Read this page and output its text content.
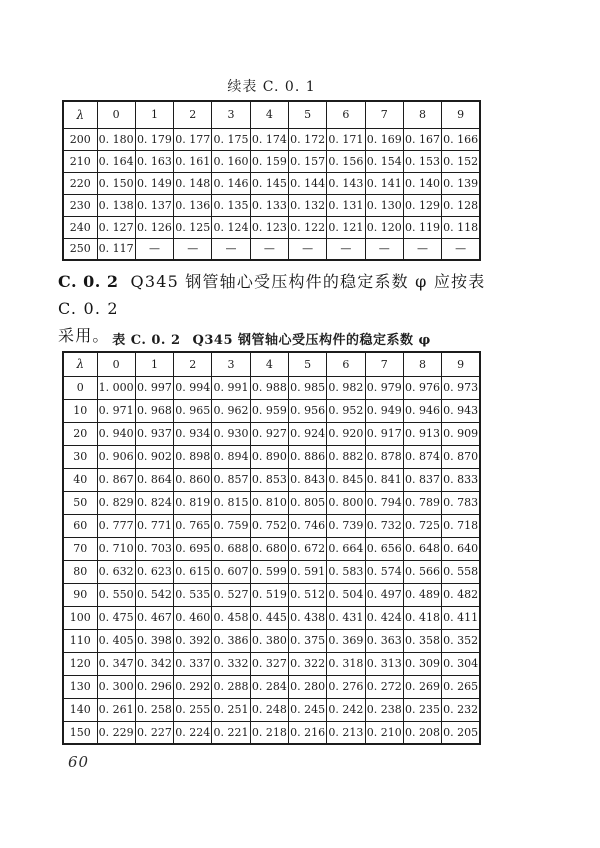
续表 C. 0. 1
λ	0	1	2	3	4	5	6	7	8	9
200	0. 180	0. 179	0. 177	0. 175	0. 174	0. 172	0. 171	0. 169	0. 167	0. 166
210	0. 164	0. 163	0. 161	0. 160	0. 159	0. 157	0. 156	0. 154	0. 153	0. 152
220	0. 150	0. 149	0. 148	0. 146	0. 145	0. 144	0. 143	0. 141	0. 140	0. 139
230	0. 138	0. 137	0. 136	0. 135	0. 133	0. 132	0. 131	0. 130	0. 129	0. 128
240	0. 127	0. 126	0. 125	0. 124	0. 123	0. 122	0. 121	0. 120	0. 119	0. 118
250	0. 117	—	—	—	—	—	—	—	—	—

C. 0. 2 Q345 钢管轴心受压构件的稳定系数 φ 应按表 C. 0. 2
采用。 表 C. 0. 2 Q345 钢管轴心受压构件的稳定系数 φ
λ	0	1	2	3	4	5	6	7	8	9
0	1. 000	0. 997	0. 994	0. 991	0. 988	0. 985	0. 982	0. 979	0. 976	0. 973
10	0. 971	0. 968	0. 965	0. 962	0. 959	0. 956	0. 952	0. 949	0. 946	0. 943
20	0. 940	0. 937	0. 934	0. 930	0. 927	0. 924	0. 920	0. 917	0. 913	0. 909
30	0. 906	0. 902	0. 898	0. 894	0. 890	0. 886	0. 882	0. 878	0. 874	0. 870
40	0. 867	0. 864	0. 860	0. 857	0. 853	0. 843	0. 845	0. 841	0. 837	0. 833
50	0. 829	0. 824	0. 819	0. 815	0. 810	0. 805	0. 800	0. 794	0. 789	0. 783
60	0. 777	0. 771	0. 765	0. 759	0. 752	0. 746	0. 739	0. 732	0. 725	0. 718
70	0. 710	0. 703	0. 695	0. 688	0. 680	0. 672	0. 664	0. 656	0. 648	0. 640
80	0. 632	0. 623	0. 615	0. 607	0. 599	0. 591	0. 583	0. 574	0. 566	0. 558
90	0. 550	0. 542	0. 535	0. 527	0. 519	0. 512	0. 504	0. 497	0. 489	0. 482
100	0. 475	0. 467	0. 460	0. 458	0. 445	0. 438	0. 431	0. 424	0. 418	0. 411
110	0. 405	0. 398	0. 392	0. 386	0. 380	0. 375	0. 369	0. 363	0. 358	0. 352
120	0. 347	0. 342	0. 337	0. 332	0. 327	0. 322	0. 318	0. 313	0. 309	0. 304
130	0. 300	0. 296	0. 292	0. 288	0. 284	0. 280	0. 276	0. 272	0. 269	0. 265
140	0. 261	0. 258	0. 255	0. 251	0. 248	0. 245	0. 242	0. 238	0. 235	0. 232
150	0. 229	0. 227	0. 224	0. 221	0. 218	0. 216	0. 213	0. 210	0. 208	0. 205
60
